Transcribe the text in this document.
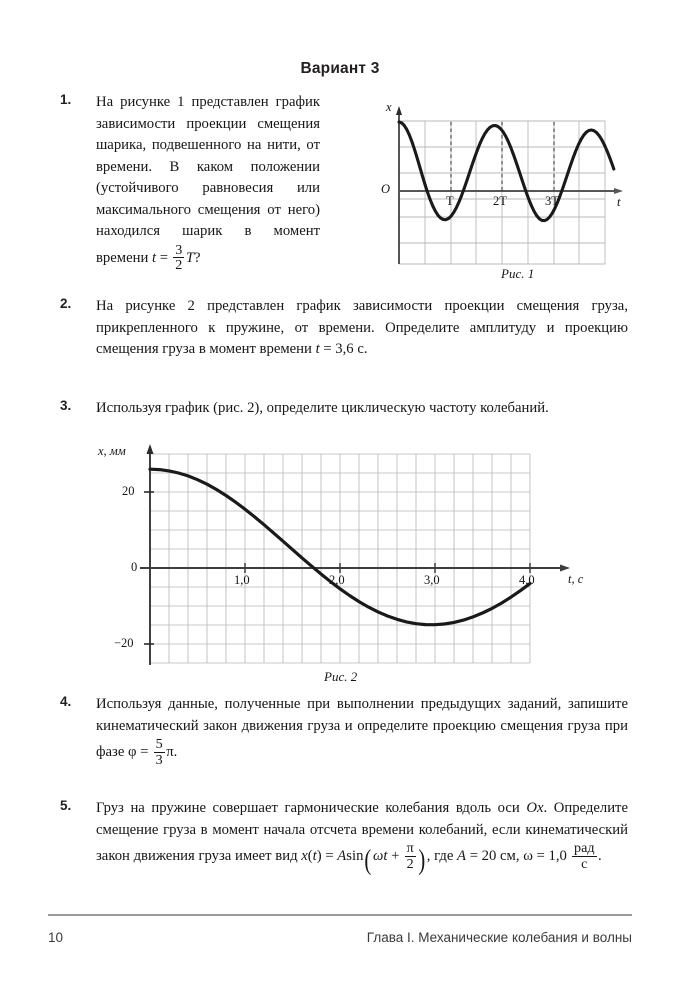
Вариант 3
1.	На рисунке 1 представлен график зависимости проекции смещения шарика, подвешенного на нити, от времени. В каком положении (устойчивого равновесия или максимального смещения от него) находился шарик в момент времени $t = \frac{3}{2} T$?
x
t
O
T	2T	3T
Рис. 1
2.	На рисунке 2 представлен график зависимости проекции смещения груза, прикрепленного к пружине, от времени. Определите амплитуду и проекцию смещения груза в момент времени t = 3,6 с.
3.	Используя график (рис. 2), определите циклическую частоту колебаний.
x, мм
t, с
20
0
−20
1,0	2,0	3,0	4,0
Рис. 2
4.	Используя данные, полученные при выполнении предыдущих заданий, запишите кинематический закон движения груза и определите проекцию смещения груза при фазе $\varphi = \frac{5}{3} \pi$.
5.	Груз на пружине совершает гармонические колебания вдоль оси Ox. Определите смещение груза в момент начала отсчета времени колебаний, если кинематический закон движения груза имеет вид $x(t) = Asin(\omega t + \frac{\pi}{2}$ ), где A = 20 см, $\omega = 1,0 \frac{\text{рад}}{с}$ .
10	Глава I. Механические колебания и волны
